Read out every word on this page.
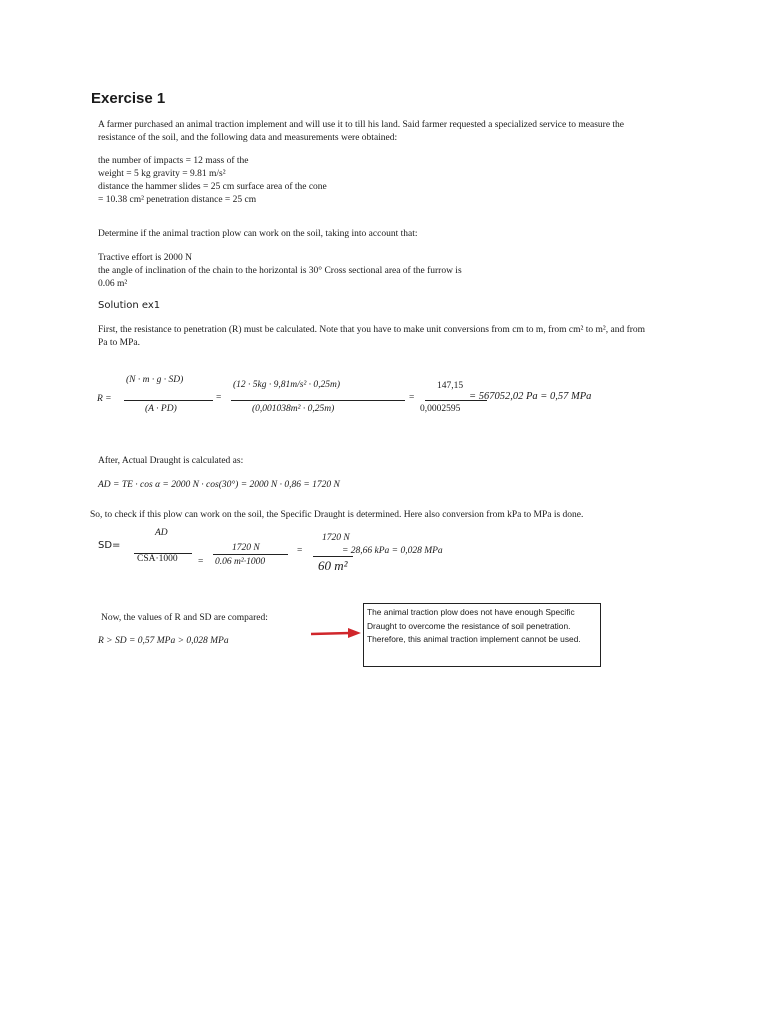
Exercise 1
A farmer purchased an animal traction implement and will use it to till his land. Said farmer requested a specialized service to measure the
resistance of the soil, and the following data and measurements were obtained:
the number of impacts = 12 mass of the
weight = 5 kg gravity = 9.81 m/s²
distance the hammer slides = 25 cm surface area of the cone
= 10.38 cm² penetration distance = 25 cm
Determine if the animal traction plow can work on the soil, taking into account that:
Tractive effort is 2000 N
the angle of inclination of the chain to the horizontal is 30° Cross sectional area of the furrow is
0.06 m²
Solution ex1
First, the resistance to penetration (R) must be calculated. Note that you have to make unit conversions from cm to m, from cm² to m², and from
Pa to MPa.
R =
(N · m · g · SD)
(A · PD)
=
(12 · 5kg · 9,81m/s² · 0,25m)
(0,001038m² · 0,25m)
=
147,15
0,0002595
= 567052,02 Pa = 0,57 MPa
After, Actual Draught is calculated as:
AD = TE · cos α = 2000 N · cos(30°) = 2000 N · 0,86 = 1720 N
So, to check if this plow can work on the soil, the Specific Draught is determined. Here also conversion from kPa to MPa is done.
SD=
AD
CSA·1000 =
1720 N
0.06 m²·1000
=
1720 N
60 m²
= 28,66 kPa = 0,028 MPa
Now, the values of R and SD are compared:
R > SD = 0,57 MPa > 0,028 MPa
The animal traction plow does not have enough Specific Draught to overcome the resistance of soil penetration. Therefore, this animal traction implement cannot be used.
